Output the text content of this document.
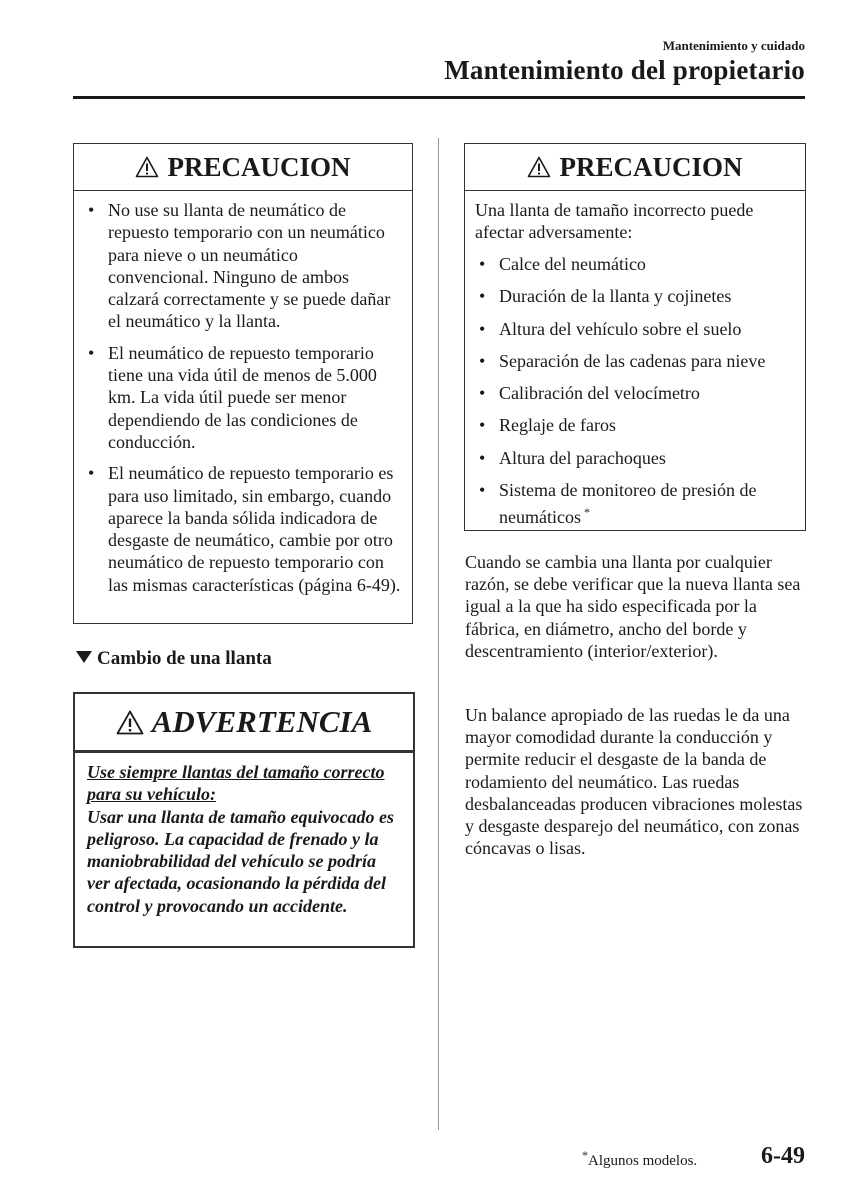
Mantenimiento y cuidado
Mantenimiento del propietario
PRECAUCION
• No use su llanta de neumático de repuesto temporario con un neumático para nieve o un neumático convencional. Ninguno de ambos calzará correctamente y se puede dañar el neumático y la llanta.
• El neumático de repuesto temporario tiene una vida útil de menos de 5.000 km. La vida útil puede ser menor dependiendo de las condiciones de conducción.
• El neumático de repuesto temporario es para uso limitado, sin embargo, cuando aparece la banda sólida indicadora de desgaste de neumático, cambie por otro neumático de repuesto temporario con las mismas características (página 6-49).
Cambio de una llanta
ADVERTENCIA
Use siempre llantas del tamaño correcto para su vehículo:
Usar una llanta de tamaño equivocado es peligroso. La capacidad de frenado y la maniobrabilidad del vehículo se podría ver afectada, ocasionando la pérdida del control y provocando un accidente.
PRECAUCION

Una llanta de tamaño incorrecto puede afectar adversamente:

• Calce del neumático
• Duración de la llanta y cojinetes
• Altura del vehículo sobre el suelo
• Separación de las cadenas para nieve
• Calibración del velocímetro
• Reglaje de faros
• Altura del parachoques
• Sistema de monitoreo de presión de neumáticos *

Cuando se cambia una llanta por cualquier razón, se debe verificar que la nueva llanta sea igual a la que ha sido especificada por la fábrica, en diámetro, ancho del borde y descentramiento (interior/exterior).

Un balance apropiado de las ruedas le da una mayor comodidad durante la conducción y permite reducir el desgaste de la banda de rodamiento del neumático. Las ruedas desbalanceadas producen vibraciones molestas y desgaste desparejo del neumático, con zonas cóncavas o lisas.

*Algunos modelos.	6-49
